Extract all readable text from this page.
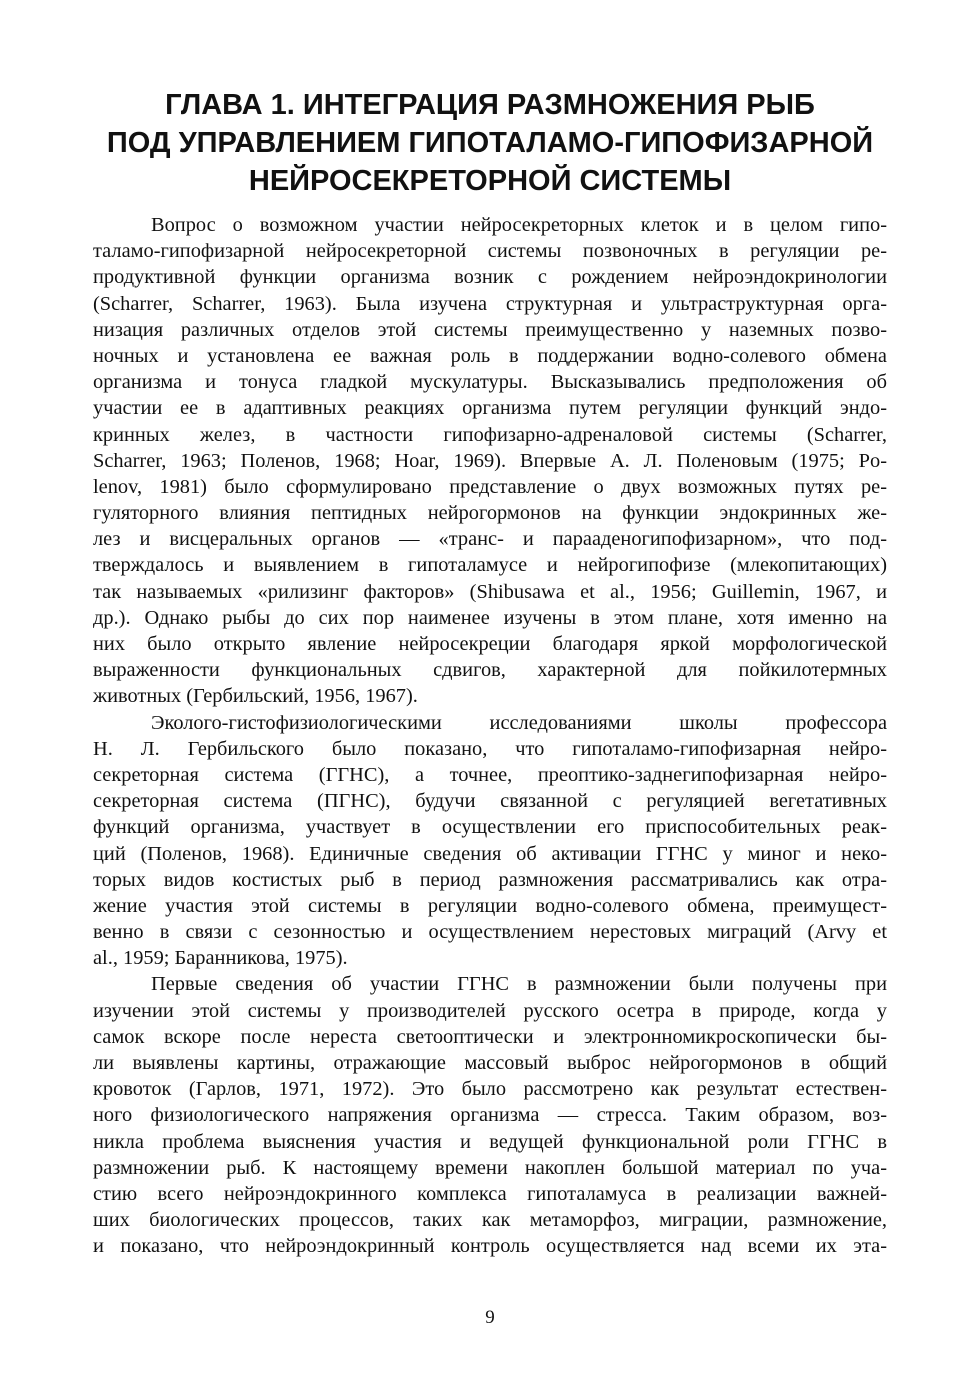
ГЛАВА 1. ИНТЕГРАЦИЯ РАЗМНОЖЕНИЯ РЫБ
ПОД УПРАВЛЕНИЕМ ГИПОТАЛАМО-ГИПОФИЗАРНОЙ
НЕЙРОСЕКРЕТОРНОЙ СИСТЕМЫ
Вопрос о возможном участии нейросекреторных клеток и в целом гипо-
таламо-гипофизарной нейросекреторной системы позвоночных в регуляции ре-
продуктивной функции организма возник с рождением нейроэндокринологии
(Scharrer, Scharrer, 1963). Была изучена структурная и ультраструктурная орга-
низация различных отделов этой системы преимущественно у наземных позво-
ночных и установлена ее важная роль в поддержании водно-солевого обмена
организма и тонуса гладкой мускулатуры. Высказывались предположения об
участии ее в адаптивных реакциях организма путем регуляции функций эндо-
кринных желез, в частности гипофизарно-адреналовой системы (Scharrer,
Scharrer, 1963; Поленов, 1968; Hoar, 1969). Впервые А. Л. Поленовым (1975; Po-
lenov, 1981) было сформулировано представление о двух возможных путях ре-
гуляторного влияния пептидных нейрогормонов на функции эндокринных же-
лез и висцеральных органов — «транс- и парааденогипофизарном», что под-
тверждалось и выявлением в гипоталамусе и нейрогипофизе (млекопитающих)
так называемых «рилизинг факторов» (Shibusawa et al., 1956; Guillemin, 1967, и
др.). Однако рыбы до сих пор наименее изучены в этом плане, хотя именно на
них было открыто явление нейросекреции благодаря яркой морфологической
выраженности функциональных сдвигов, характерной для пойкилотермных
животных (Гербильский, 1956, 1967).
Эколого-гистофизиологическими исследованиями школы профессора
Н. Л. Гербильского было показано, что гипоталамо-гипофизарная нейро-
секреторная система (ГГНС), а точнее, преоптико-заднегипофизарная нейро-
секреторная система (ПГНС), будучи связанной с регуляцией вегетативных
функций организма, участвует в осуществлении его приспособительных реак-
ций (Поленов, 1968). Единичные сведения об активации ГГНС у миног и неко-
торых видов костистых рыб в период размножения рассматривались как отра-
жение участия этой системы в регуляции водно-солевого обмена, преимущест-
венно в связи с сезонностью и осуществлением нерестовых миграций (Arvy et
al., 1959; Баранникова, 1975).
Первые сведения об участии ГГНС в размножении были получены при
изучении этой системы у производителей русского осетра в природе, когда у
самок вскоре после нереста светооптически и электронномикроскопически бы-
ли выявлены картины, отражающие массовый выброс нейрогормонов в общий
кровоток (Гарлов, 1971, 1972). Это было рассмотрено как результат естествен-
ного физиологического напряжения организма — стресса. Таким образом, воз-
никла проблема выяснения участия и ведущей функциональной роли ГГНС в
размножении рыб. К настоящему времени накоплен большой материал по уча-
стию всего нейроэндокринного комплекса гипоталамуса в реализации важней-
ших биологических процессов, таких как метаморфоз, миграции, размножение,
и показано, что нейроэндокринный контроль осуществляется над всеми их эта-
9
